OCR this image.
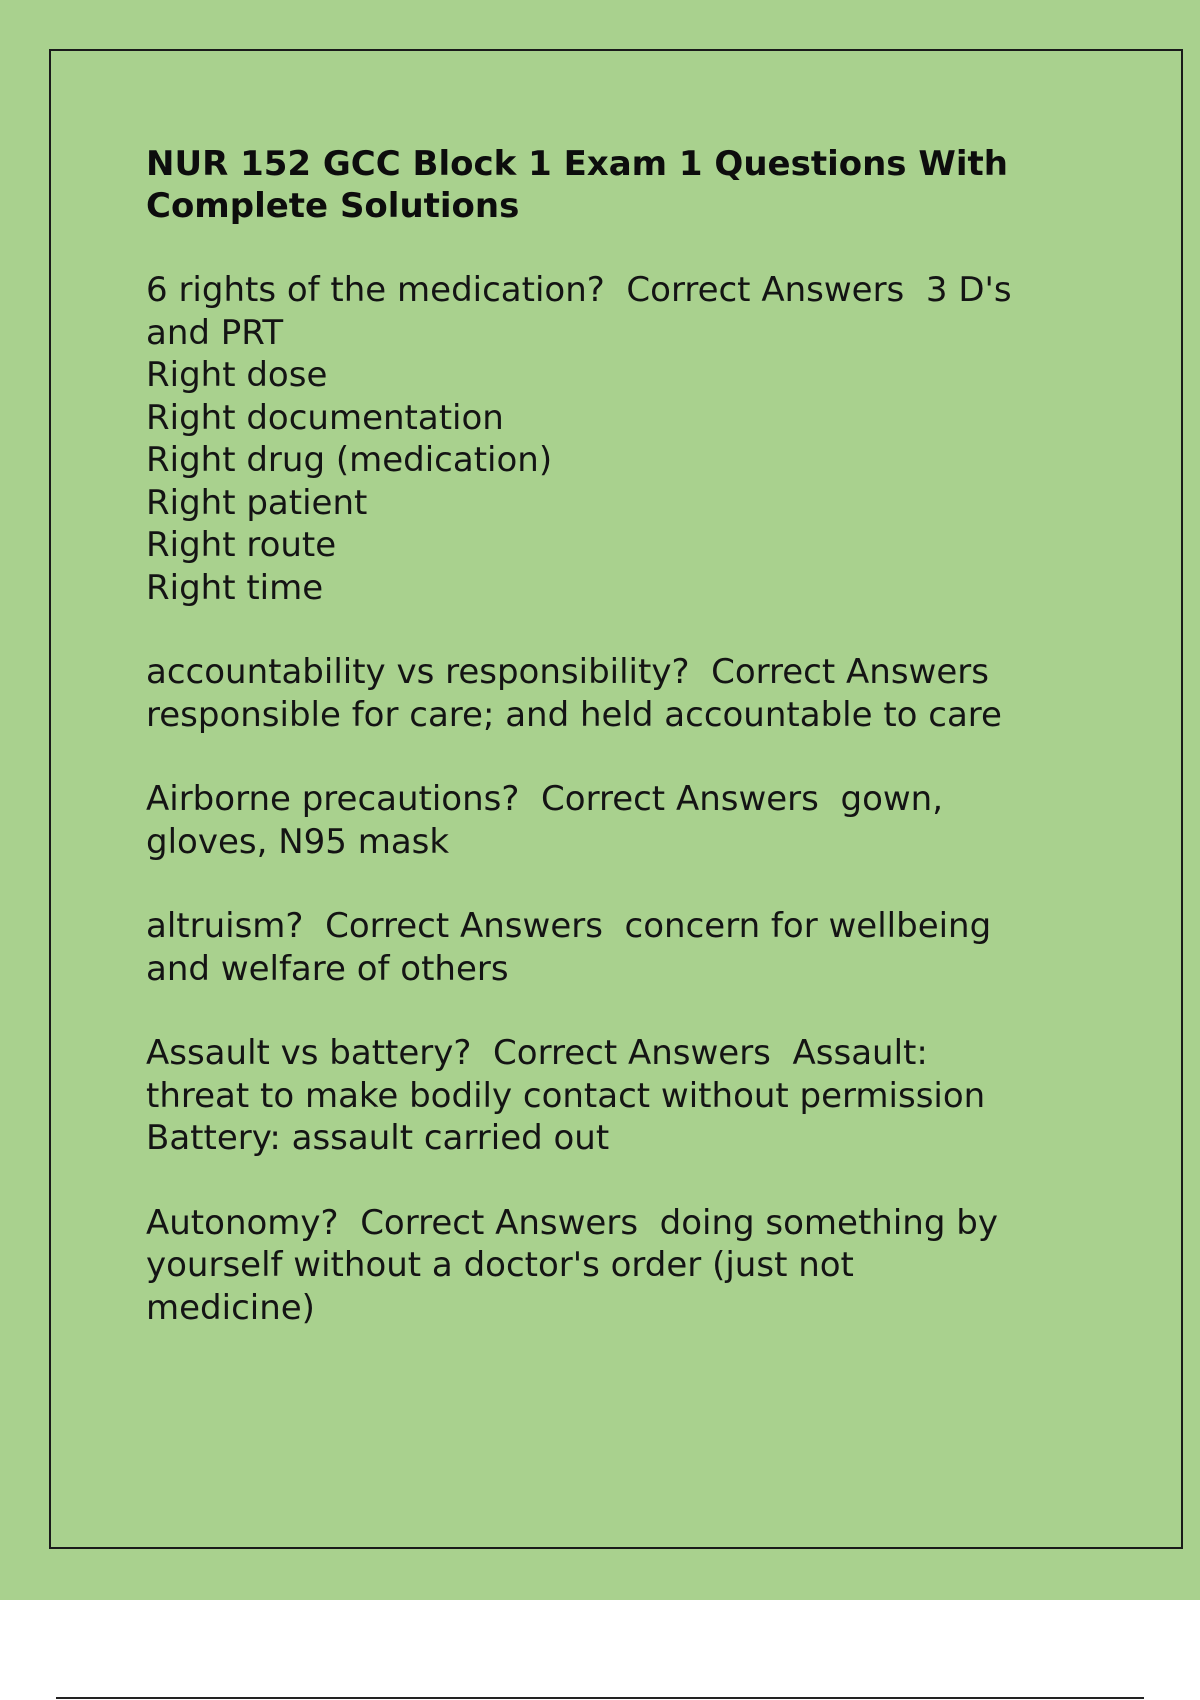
NUR 152 GCC Block 1 Exam 1 Questions With
Complete Solutions
6 rights of the medication?  Correct Answers  3 D's
and PRT
Right dose
Right documentation
Right drug (medication)
Right patient
Right route
Right time
accountability vs responsibility?  Correct Answers
responsible for care; and held accountable to care
Airborne precautions?  Correct Answers  gown,
gloves, N95 mask
altruism?  Correct Answers  concern for wellbeing
and welfare of others
Assault vs battery?  Correct Answers  Assault:
threat to make bodily contact without permission
Battery: assault carried out
Autonomy?  Correct Answers  doing something by
yourself without a doctor's order (just not
medicine)
